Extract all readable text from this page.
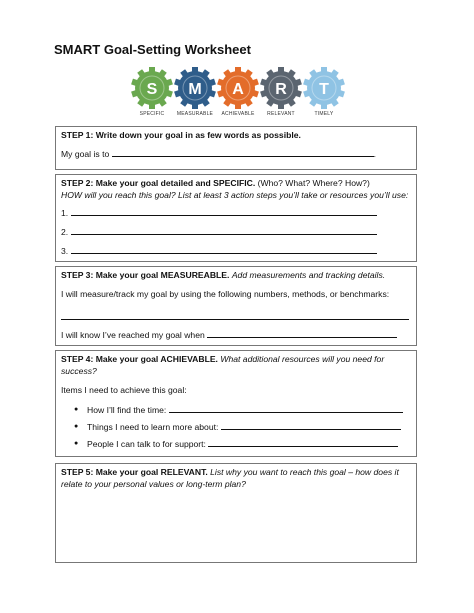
SMART Goal-Setting Worksheet
S
SPECIFIC
M
MEASURABLE
A
ACHIEVABLE
R
RELEVANT
T
TIMELY
STEP 1: Write down your goal in as few words as possible.
My goal is to	.
STEP 2: Make your goal detailed and SPECIFIC. (Who? What? Where? How?)
HOW will you reach this goal? List at least 3 action steps you’ll take or resources you’ll use:
1.
2.
3.
STEP 3: Make your goal MEASUREABLE. Add measurements and tracking details.
I will measure/track my goal by using the following numbers, methods, or benchmarks:
I will know I’ve reached my goal when
STEP 4: Make your goal ACHIEVABLE. What additional resources will you need for success?
Items I need to achieve this goal:
● How I’ll find the time:
● Things I need to learn more about:
● People I can talk to for support:
STEP 5: Make your goal RELEVANT. List why you want to reach this goal – how does it relate to your personal values or long-term plan?
